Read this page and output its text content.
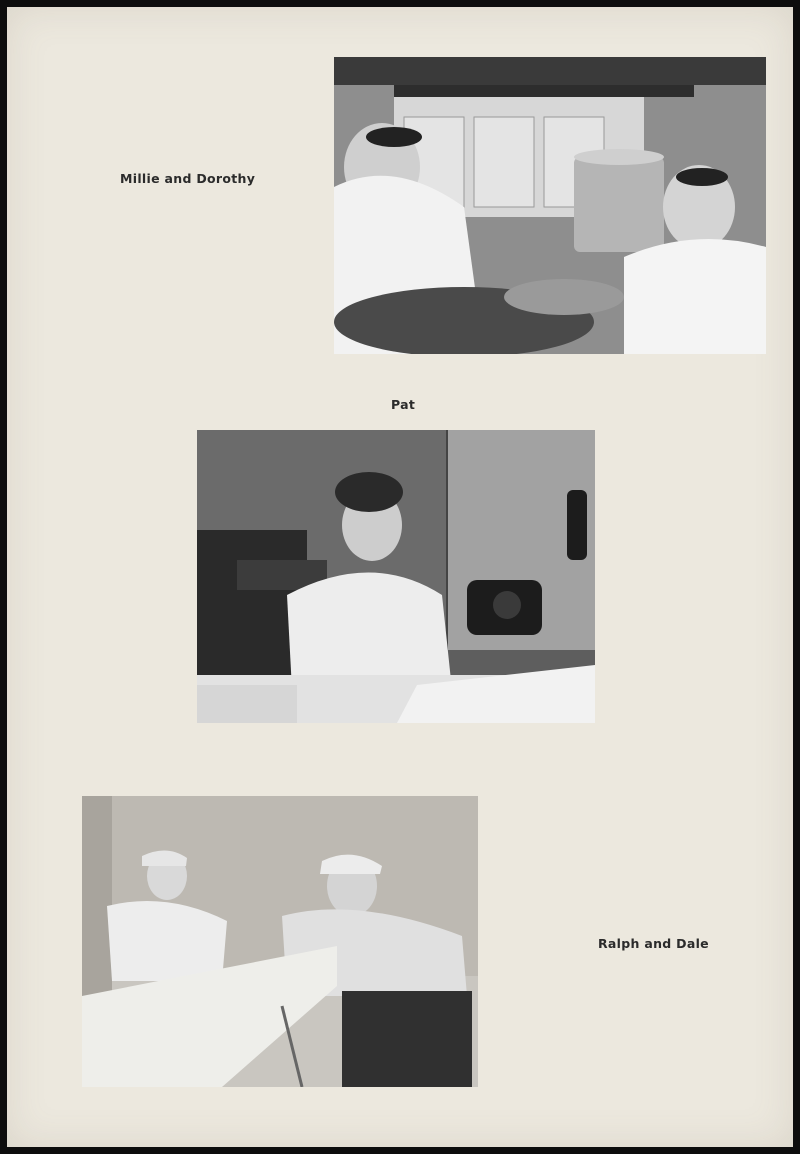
Millie and Dorothy
Pat
Ralph and Dale
